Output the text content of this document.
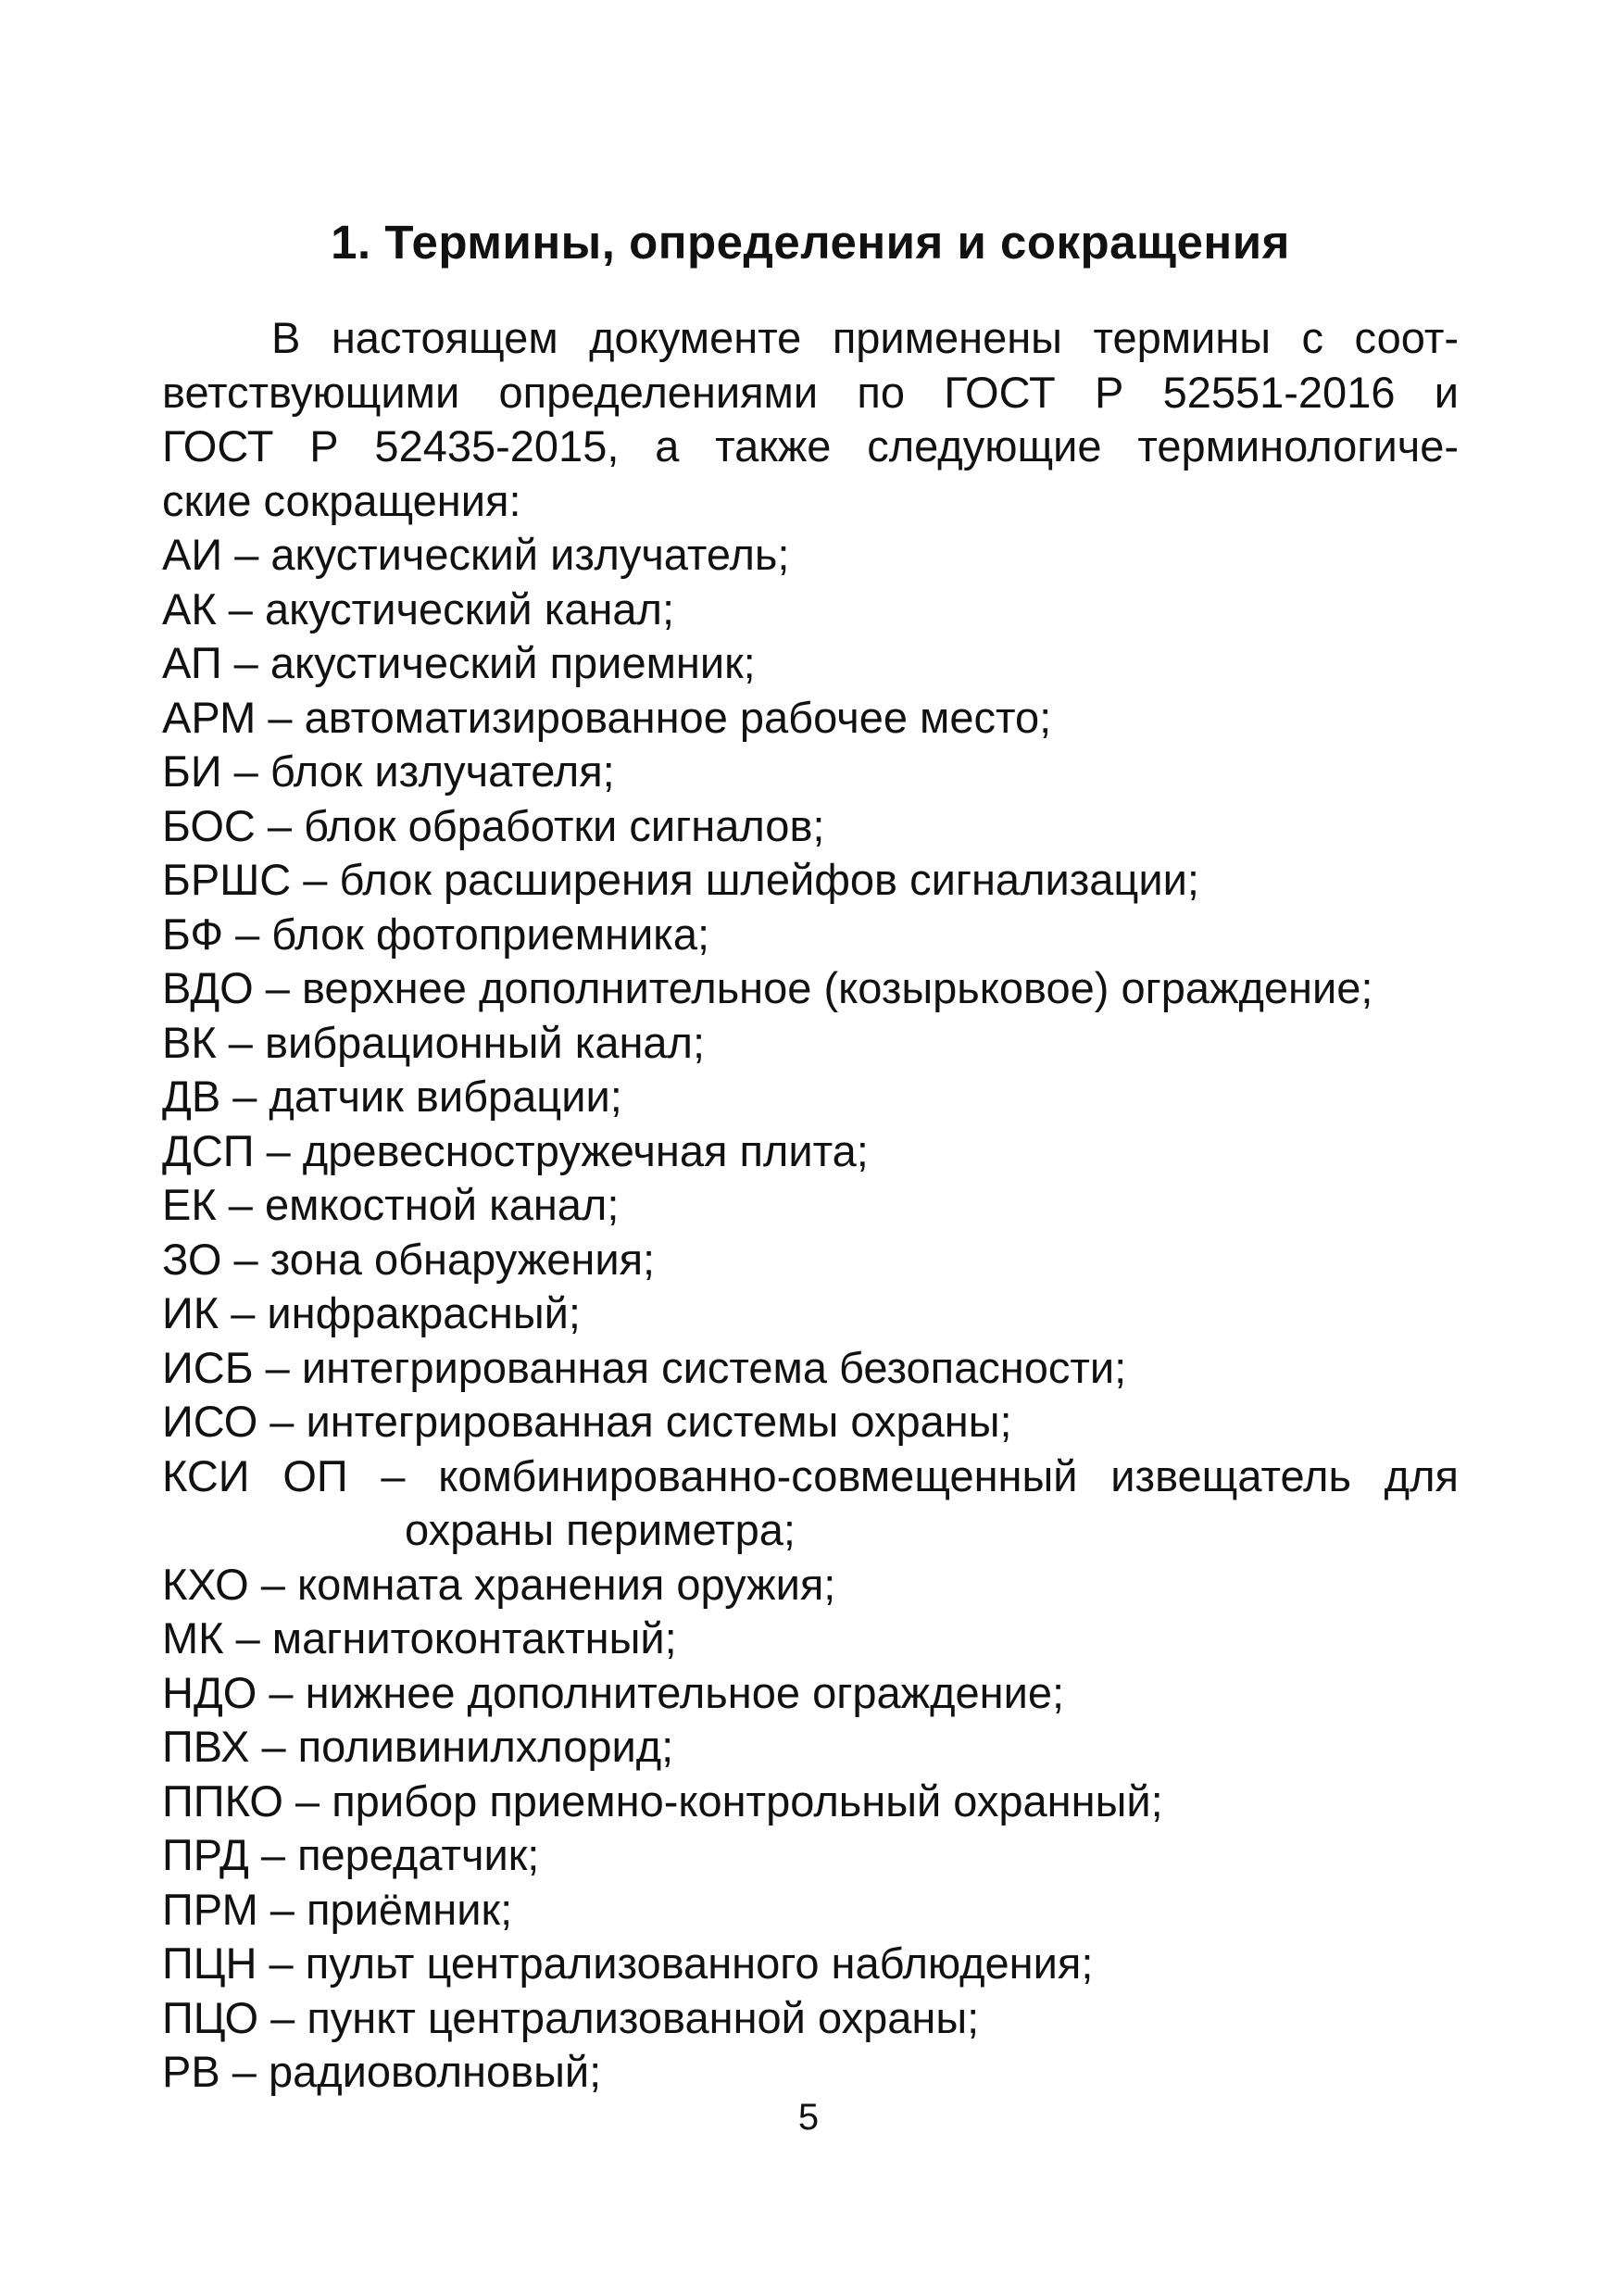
1. Термины, определения и сокращения
В настоящем документе применены термины с соот-
ветствующими определениями по ГОСТ Р 52551-2016 и
ГОСТ Р 52435-2015, а также следующие терминологиче-
ские сокращения:
АИ – акустический излучатель;
АК – акустический канал;
АП – акустический приемник;
АРМ – автоматизированное рабочее место;
БИ – блок излучателя;
БОС – блок обработки сигналов;
БРШС – блок расширения шлейфов сигнализации;
БФ – блок фотоприемника;
ВДО – верхнее дополнительное (козырьковое) ограждение;
ВК – вибрационный канал;
ДВ – датчик вибрации;
ДСП – древесностружечная плита;
ЕК – емкостной канал;
ЗО – зона обнаружения;
ИК – инфракрасный;
ИСБ – интегрированная система безопасности;
ИСО – интегрированная системы охраны;
КСИ ОП – комбинированно-совмещенный извещатель для
охраны периметра;
КХО – комната хранения оружия;
МК – магнитоконтактный;
НДО – нижнее дополнительное ограждение;
ПВХ – поливинилхлорид;
ППКО – прибор приемно-контрольный охранный;
ПРД – передатчик;
ПРМ – приёмник;
ПЦН – пульт централизованного наблюдения;
ПЦО – пункт централизованной охраны;
РВ – радиоволновый;
5
